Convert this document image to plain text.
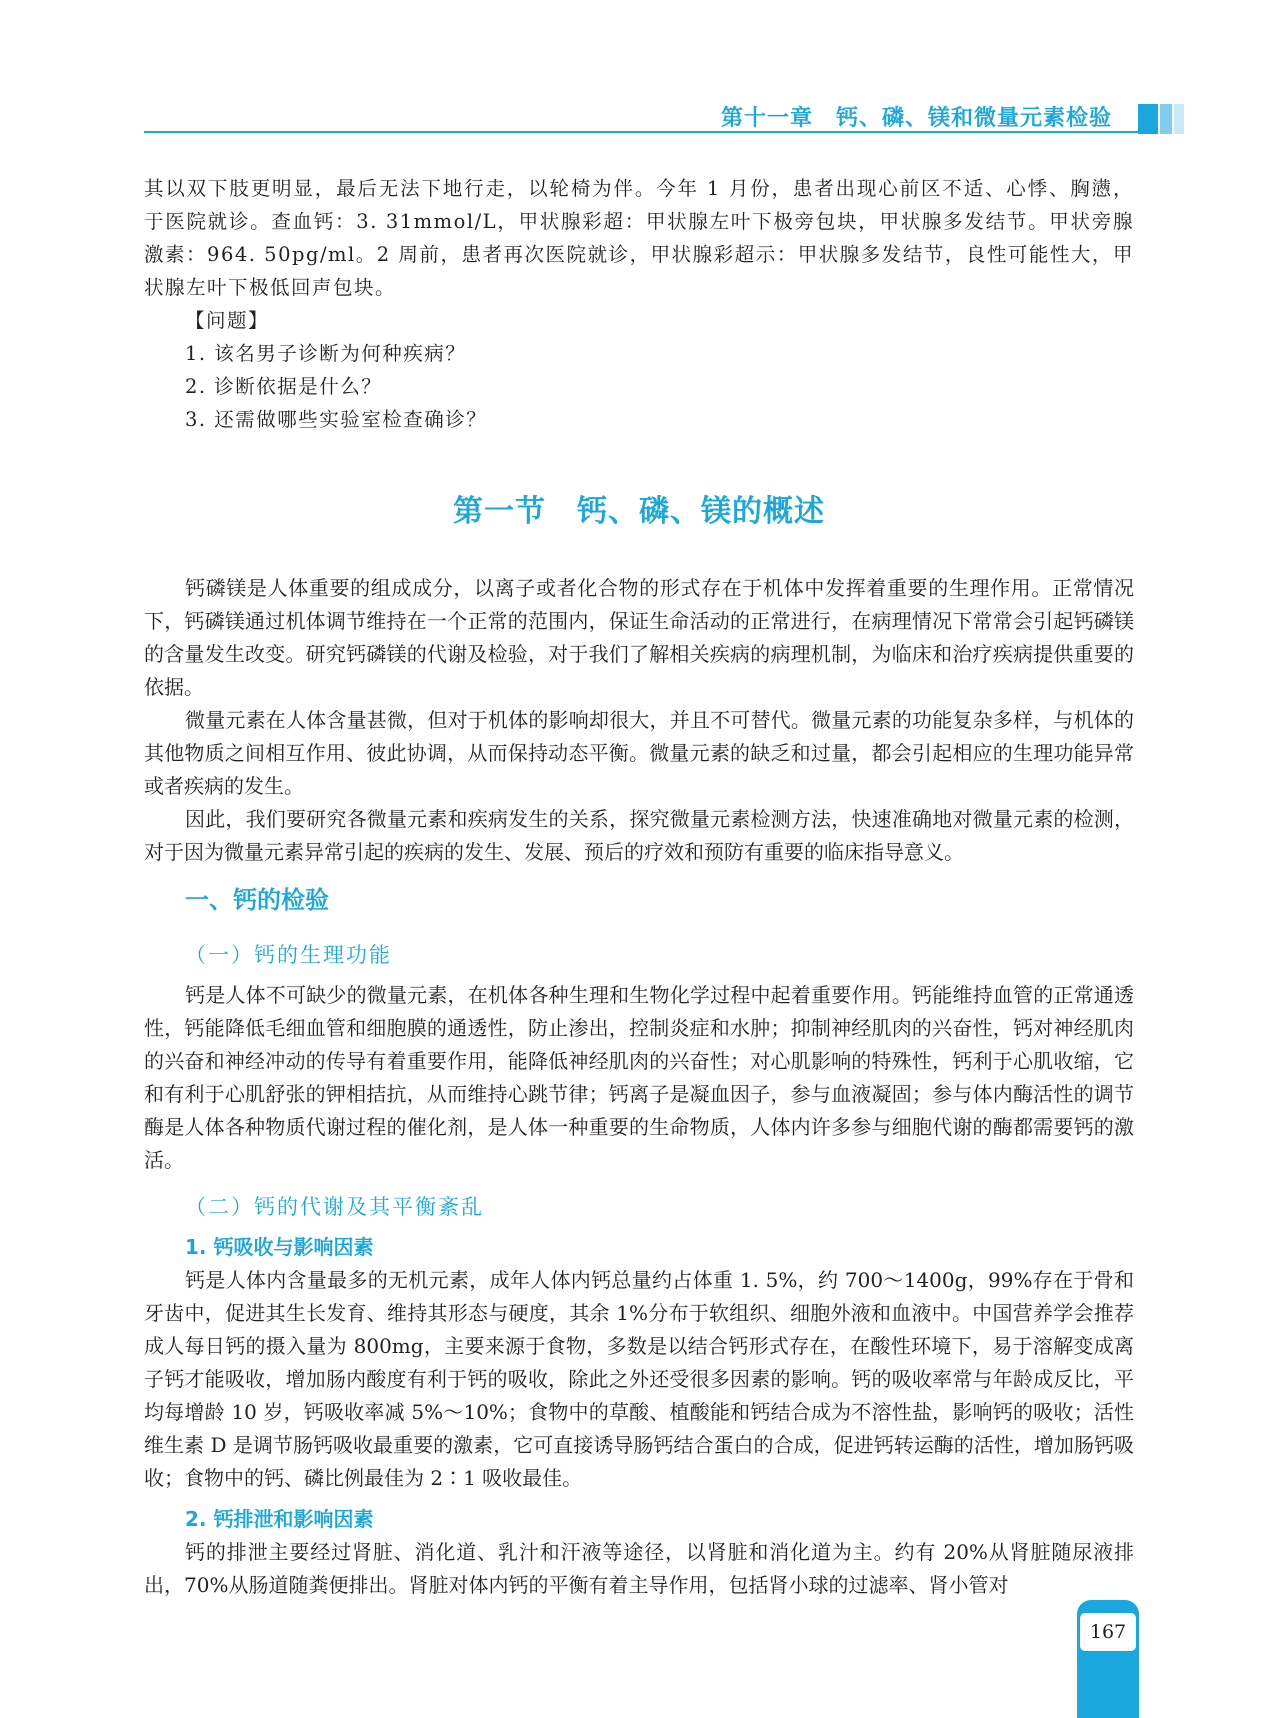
第十一章　钙、磷、镁和微量元素检验

其以双下肢更明显，最后无法下地行走，以轮椅为伴。今年 1 月份，患者出现心前区不适、心悸、胸懑，于医院就诊。查血钙：3. 31mmol/L，甲状腺彩超：甲状腺左叶下极旁包块，甲状腺多发结节。甲状旁腺激素：964. 50pg/ml。2 周前，患者再次医院就诊，甲状腺彩超示：甲状腺多发结节，良性可能性大，甲状腺左叶下极低回声包块。

【问题】

1. 该名男子诊断为何种疾病？

2. 诊断依据是什么？

3. 还需做哪些实验室检查确诊？

第一节　钙、磷、镁的概述

钙磷镁是人体重要的组成成分，以离子或者化合物的形式存在于机体中发挥着重要的生理作用。正常情况下，钙磷镁通过机体调节维持在一个正常的范围内，保证生命活动的正常进行，在病理情况下常常会引起钙磷镁的含量发生改变。研究钙磷镁的代谢及检验，对于我们了解相关疾病的病理机制，为临床和治疗疾病提供重要的依据。

微量元素在人体含量甚微，但对于机体的影响却很大，并且不可替代。微量元素的功能复杂多样，与机体的其他物质之间相互作用、彼此协调，从而保持动态平衡。微量元素的缺乏和过量，都会引起相应的生理功能异常或者疾病的发生。

因此，我们要研究各微量元素和疾病发生的关系，探究微量元素检测方法，快速准确地对微量元素的检测，对于因为微量元素异常引起的疾病的发生、发展、预后的疗效和预防有重要的临床指导意义。

一、钙的检验
（一）钙的生理功能

钙是人体不可缺少的微量元素，在机体各种生理和生物化学过程中起着重要作用。钙能维持血管的正常通透性，钙能降低毛细血管和细胞膜的通透性，防止渗出，控制炎症和水肿；抑制神经肌肉的兴奋性，钙对神经肌肉的兴奋和神经冲动的传导有着重要作用，能降低神经肌肉的兴奋性；对心肌影响的特殊性，钙利于心肌收缩，它和有利于心肌舒张的钾相拮抗，从而维持心跳节律；钙离子是凝血因子，参与血液凝固；参与体内酶活性的调节酶是人体各种物质代谢过程的催化剂，是人体一种重要的生命物质，人体内许多参与细胞代谢的酶都需要钙的激活。

（二）钙的代谢及其平衡紊乱
1. 钙吸收与影响因素

钙是人体内含量最多的无机元素，成年人体内钙总量约占体重 1. 5%，约 700～1400g，99%存在于骨和牙齿中，促进其生长发育、维持其形态与硬度，其余 1%分布于软组织、细胞外液和血液中。中国营养学会推荐成人每日钙的摄入量为 800mg，主要来源于食物，多数是以结合钙形式存在，在酸性环境下，易于溶解变成离子钙才能吸收，增加肠内酸度有利于钙的吸收，除此之外还受很多因素的影响。钙的吸收率常与年龄成反比，平均每增龄 10 岁，钙吸收率减 5%～10%；食物中的草酸、植酸能和钙结合成为不溶性盐，影响钙的吸收；活性维生素 D 是调节肠钙吸收最重要的激素，它可直接诱导肠钙结合蛋白的合成，促进钙转运酶的活性，增加肠钙吸收；食物中的钙、磷比例最佳为 2∶1 吸收最佳。

2. 钙排泄和影响因素

钙的排泄主要经过肾脏、消化道、乳汁和汗液等途径，以肾脏和消化道为主。约有 20%从肾脏随尿液排出，70%从肠道随粪便排出。肾脏对体内钙的平衡有着主导作用，包括肾小球的过滤率、肾小管对

167
